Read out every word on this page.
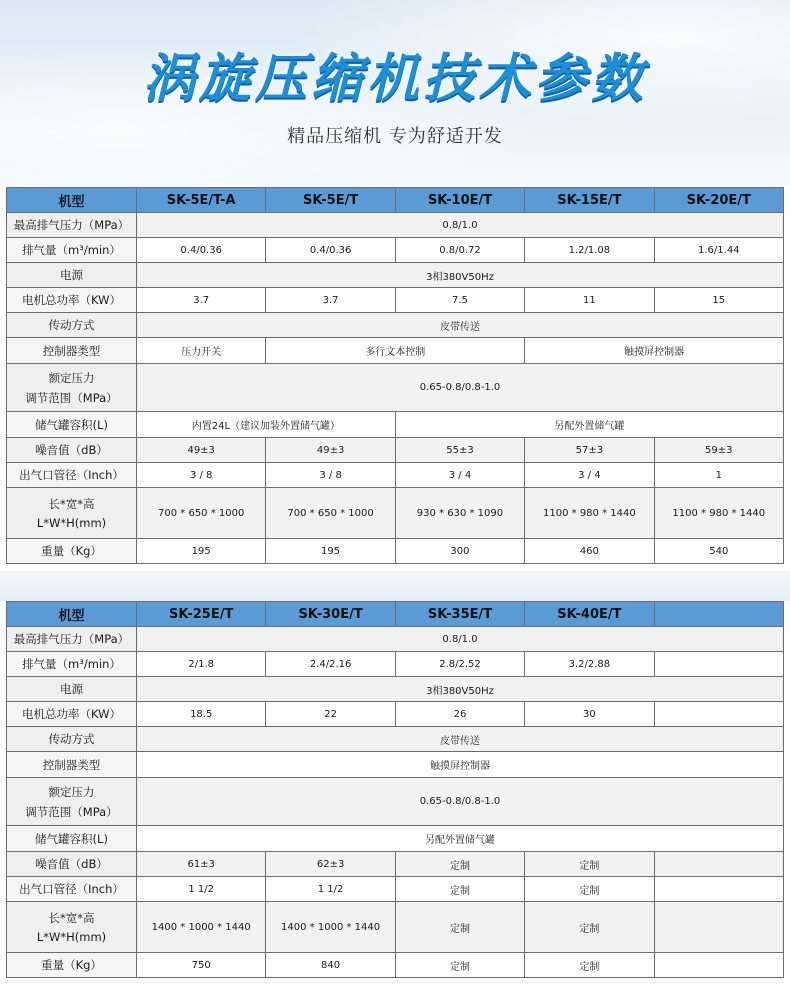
涡旋压缩机技术参数
精品压缩机 专为舒适开发
机型	SK-5E/T-A	SK-5E/T	SK-10E/T	SK-15E/T	SK-20E/T
最高排气压力（MPa）	0.8/1.0				
排气量（m³/min）	0.4/0.36	0.4/0.36	0.8/0.72	1.2/1.08	1.6/1.44
电源	3相380V50Hz				
电机总功率（KW）	3.7	3.7	7.5	11	15
传动方式	皮带传送				
控制器类型	压力开关	多行文本控制		触摸屏控制器	

额定压力
调节范围（MPa）	0.65-0.8/0.8-1.0				
储气罐容积(L)	内置24L（建议加装外置储气罐）		另配外置储气罐		
噪音值（dB）	49±3	49±3	55±3	57±3	59±3
出气口管径（Inch）	3 / 8	3 / 8	3 / 4	3 / 4	1

长*宽*高
L*W*H(mm)	700 * 650 * 1000	700 * 650 * 1000	930 * 630 * 1090	1100 * 980 * 1440	1100 * 980 * 1440
重量（Kg）	195	195	300	460	540
机型	SK-25E/T	SK-30E/T	SK-35E/T	SK-40E/T	
最高排气压力（MPa）	0.8/1.0				
排气量（m³/min）	2/1.8	2.4/2.16	2.8/2.52	3.2/2.88	
电源	3相380V50Hz				
电机总功率（KW）	18.5	22	26	30	
传动方式	皮带传送				
控制器类型	触摸屏控制器				

额定压力
调节范围（MPa）	0.65-0.8/0.8-1.0				
储气罐容积(L)	另配外置储气罐				
噪音值（dB）	61±3	62±3	定制	定制	
出气口管径（Inch）	1 1/2	1 1/2	定制	定制	

长*宽*高
L*W*H(mm)	1400 * 1000 * 1440	1400 * 1000 * 1440	定制	定制	
重量（Kg）	750	840	定制	定制	
